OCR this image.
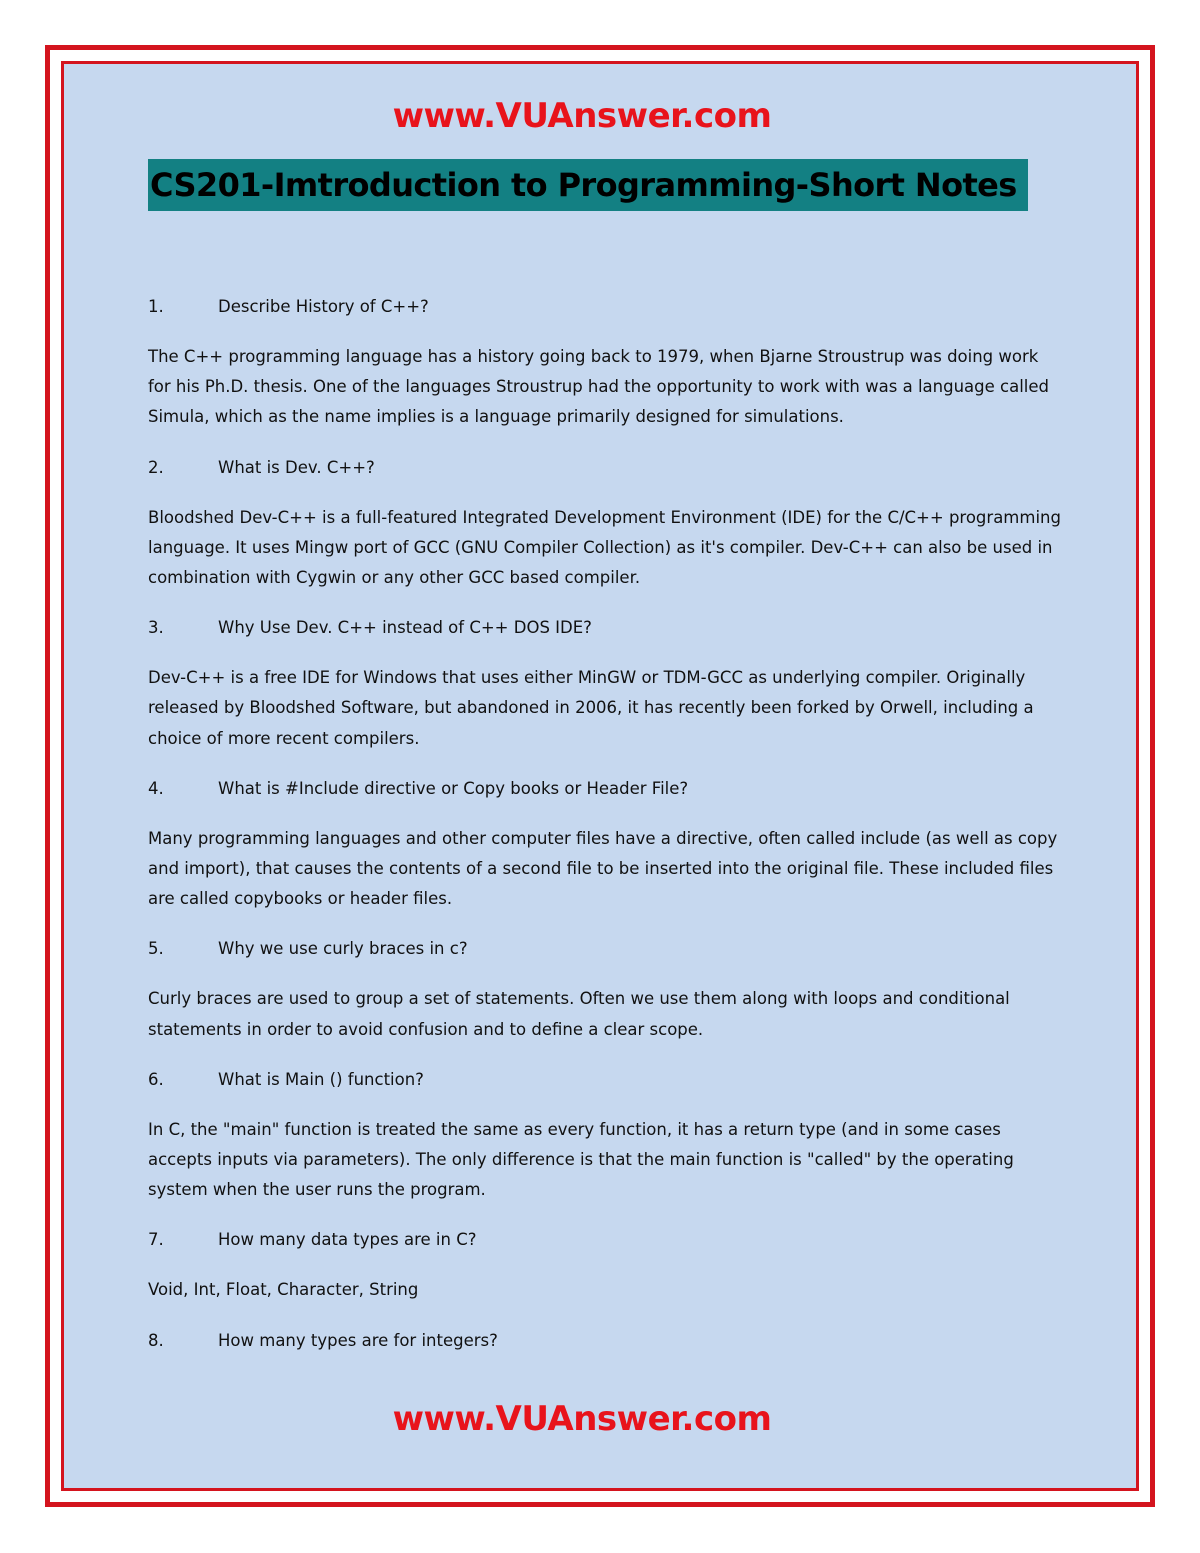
www.VUAnswer.com
CS201-Imtroduction to Programming-Short Notes
1.	Describe History of C++?

The C++ programming language has a history going back to 1979, when Bjarne Stroustrup was doing work for his Ph.D. thesis. One of the languages Stroustrup had the opportunity to work with was a language called Simula, which as the name implies is a language primarily designed for simulations.

2.	What is Dev. C++?

Bloodshed Dev-C++ is a full-featured Integrated Development Environment (IDE) for the C/C++ programming language. It uses Mingw port of GCC (GNU Compiler Collection) as it's compiler. Dev-C++ can also be used in combination with Cygwin or any other GCC based compiler.

3.	Why Use Dev. C++ instead of C++ DOS IDE?

Dev-C++ is a free IDE for Windows that uses either MinGW or TDM-GCC as underlying compiler. Originally released by Bloodshed Software, but abandoned in 2006, it has recently been forked by Orwell, including a choice of more recent compilers.

4.	What is #Include directive or Copy books or Header File?

Many programming languages and other computer files have a directive, often called include (as well as copy and import), that causes the contents of a second file to be inserted into the original file. These included files are called copybooks or header files.

5.	Why we use curly braces in c?

Curly braces are used to group a set of statements. Often we use them along with loops and conditional statements in order to avoid confusion and to define a clear scope.

6.	What is Main () function?

In C, the "main" function is treated the same as every function, it has a return type (and in some cases accepts inputs via parameters). The only difference is that the main function is "called" by the operating system when the user runs the program.

7.	How many data types are in C?

Void, Int, Float, Character, String

8.	How many types are for integers?
www.VUAnswer.com
